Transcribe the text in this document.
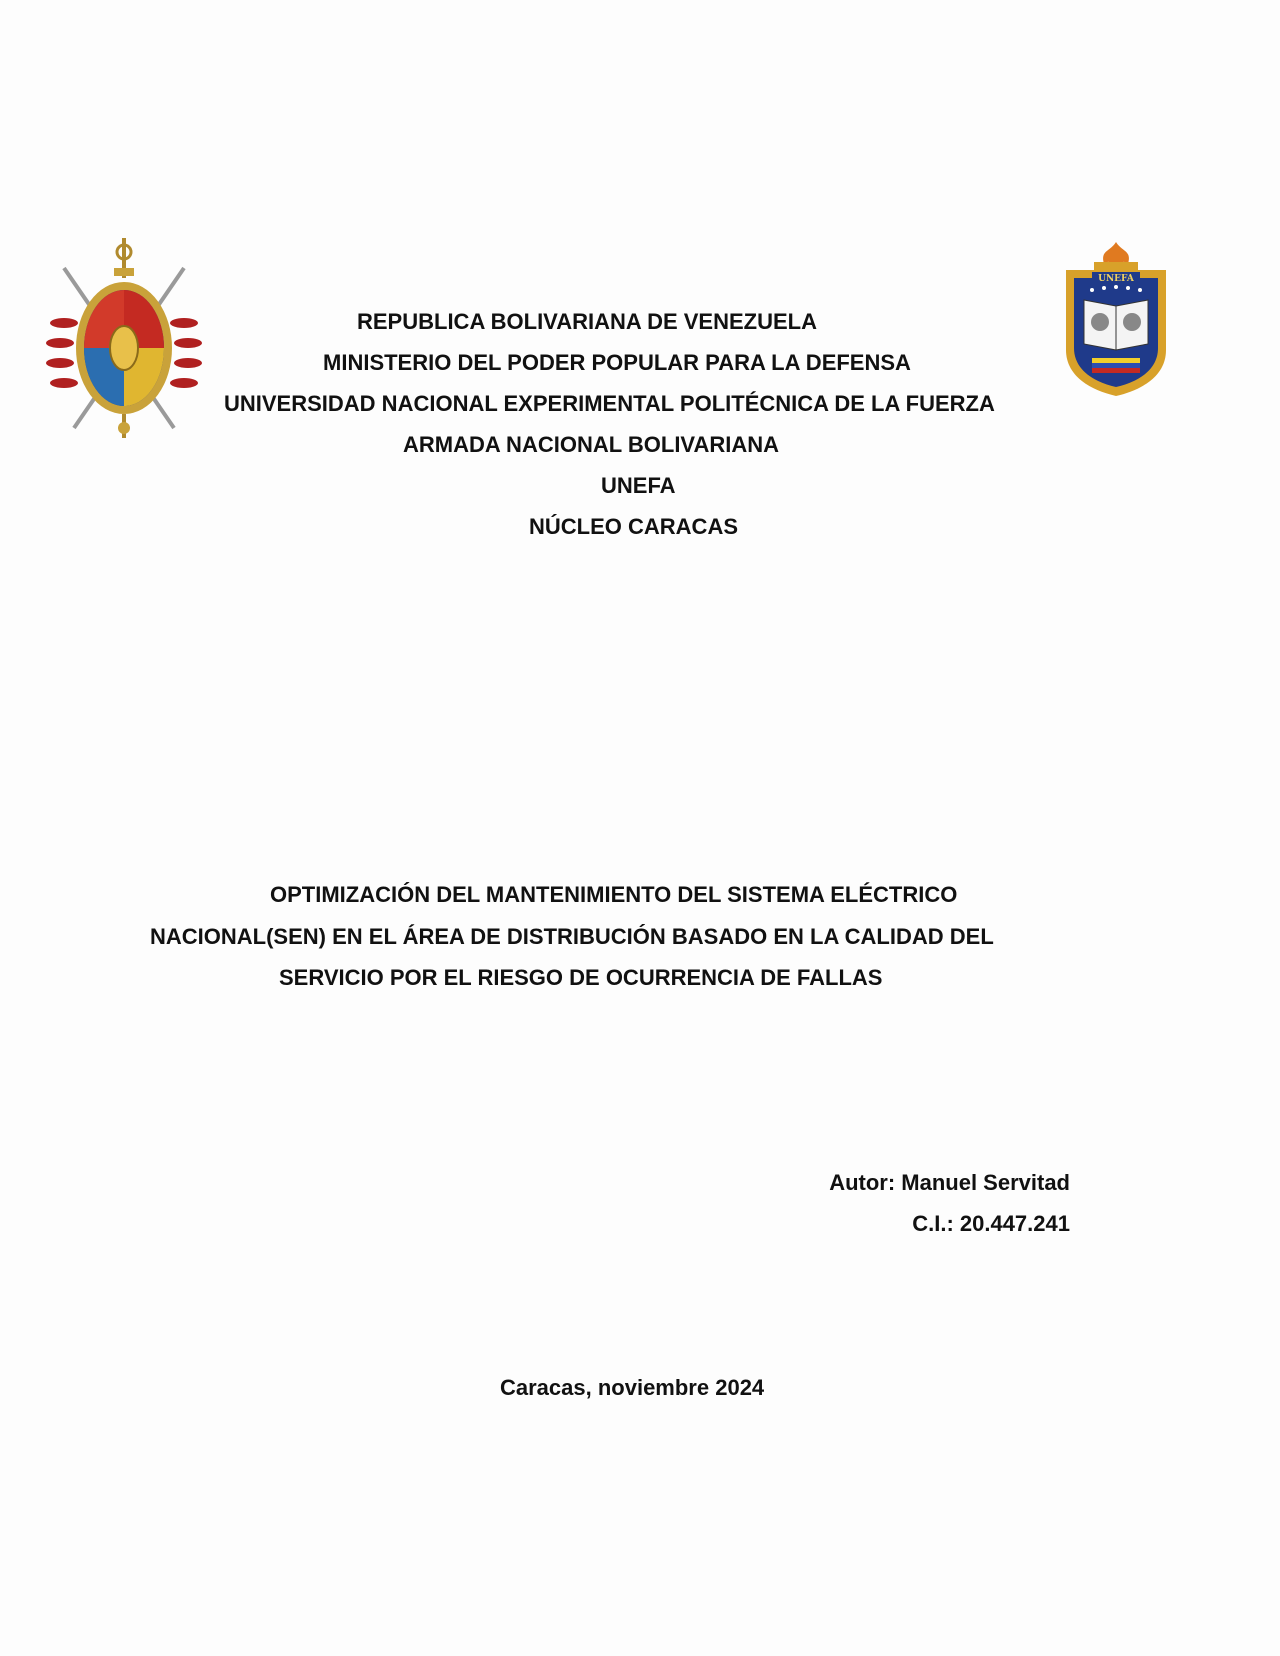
UNEFA
REPUBLICA BOLIVARIANA DE VENEZUELA
MINISTERIO DEL PODER POPULAR PARA LA DEFENSA
UNIVERSIDAD NACIONAL EXPERIMENTAL POLITÉCNICA DE LA FUERZA
ARMADA NACIONAL BOLIVARIANA
UNEFA
NÚCLEO CARACAS
OPTIMIZACIÓN DEL MANTENIMIENTO DEL SISTEMA ELÉCTRICO
NACIONAL(SEN) EN EL ÁREA DE DISTRIBUCIÓN BASADO EN LA CALIDAD DEL
SERVICIO POR EL RIESGO DE OCURRENCIA DE FALLAS
Autor: Manuel Servitad
C.I.: 20.447.241
Caracas, noviembre 2024
